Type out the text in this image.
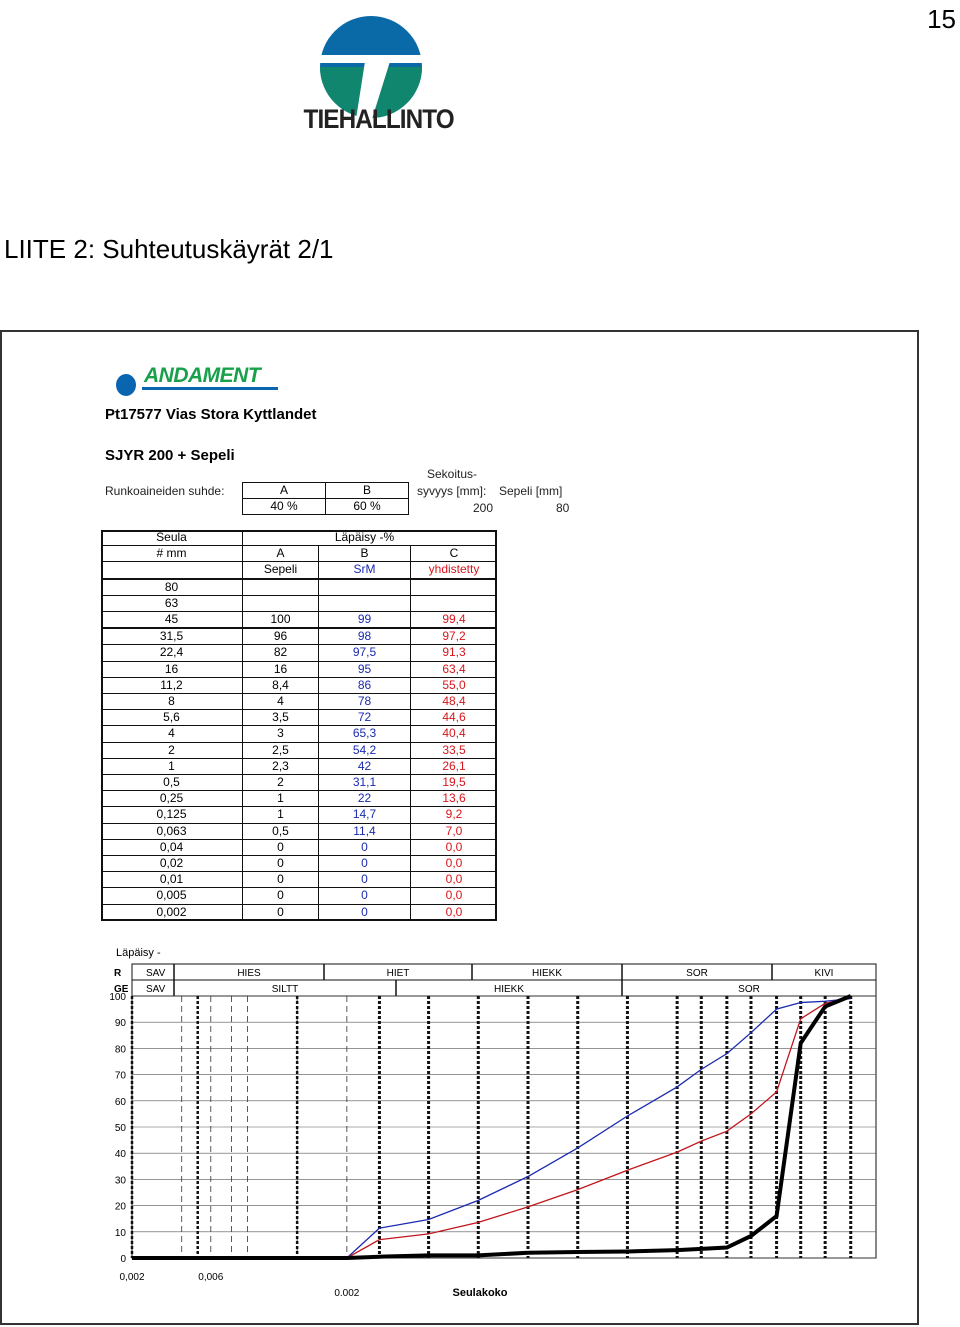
15
TIEHALLINTO
LIITE 2: Suhteutuskäyrät 2/1
ANDAMENT
Pt17577 Vias Stora Kyttlandet
SJYR 200 + Sepeli
Runkoaineiden suhde:	A	B
40 %	60 %
Sekoitus-
syvyys [mm]: Sepeli [mm]
200	80
Seula		Läpäisy -%	
# mm	A	B	C
	Sepeli	SrM	yhdistetty
80			
63			
45	100	99	99,4
31,5	96	98	97,2
22,4	82	97,5	91,3
16	16	95	63,4
11,2	8,4	86	55,0
8	4	78	48,4
5,6	3,5	72	44,6
4	3	65,3	40,4
2	2,5	54,2	33,5
1	2,3	42	26,1
0,5	2	31,1	19,5
0,25	1	22	13,6
0,125	1	14,7	9,2
0,063	0,5	11,4	7,0
0,04	0	0	0,0
0,02	0	0	0,0
0,01	0	0	0,0
0,005	0	0	0,0
0,002	0	0	0,0
Läpäisy -
R SAV	HIES	HIET	HIEKK	SOR	KIVI
GE SAV	SILTT	HIEKK	SOR
100
90
80
70
60
50
40
30
20
10
0
0,002	0,006
0.002	Seulakoko
